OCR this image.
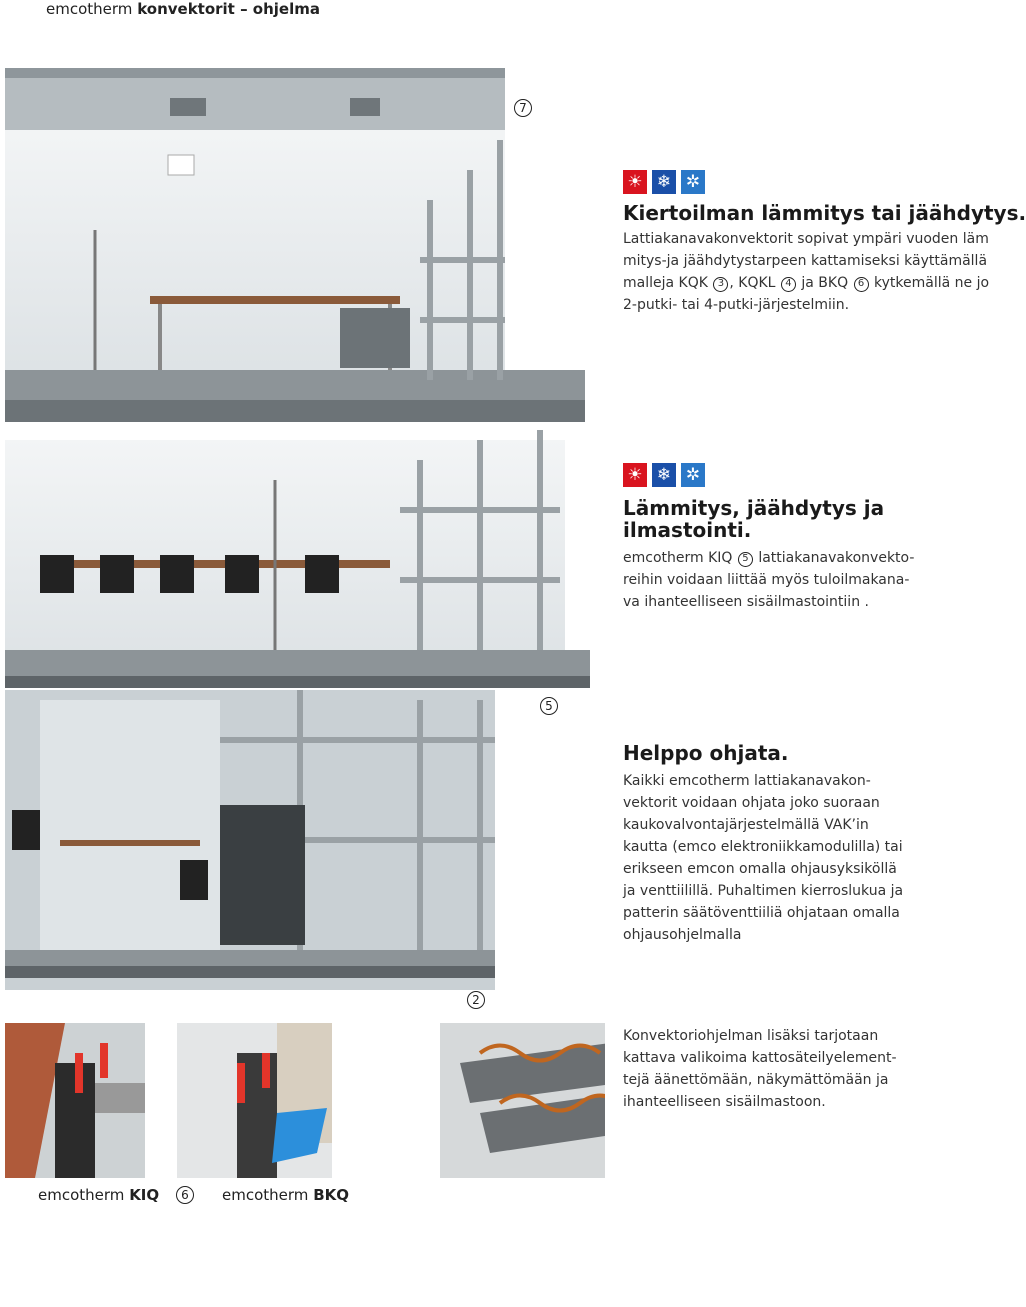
emcotherm konvektorit – ohjelma
7
☀ ❄ ✲
Kiertoilman lämmitys tai jäähdytys.
Lattiakanavakonvektorit sopivat ympäri vuoden läm
mitys-ja jäähdytystarpeen kattamiseksi käyttämällä
malleja KQK 3 , KQKL 4 ja BKQ 6 kytkemällä ne jo
2-putki- tai 4-putki-järjestelmiin.
☀ ❄ ✲
Lämmitys, jäähdytys ja
ilmastointi.
emcotherm KIQ 5 lattiakanavakonvekto-
reihin voidaan liittää myös tuloilmakana-
va ihanteelliseen sisäilmastointiin .
5
Helppo ohjata.
Kaikki emcotherm lattiakanavakon-
vektorit voidaan ohjata joko suoraan
kaukovalvontajärjestelmällä VAK’in
kautta (emco elektroniikkamodulilla) tai
erikseen emcon omalla ohjausyksiköllä
ja venttiilillä. Puhaltimen kierroslukua ja
patterin säätöventtiiliä ohjataan omalla
ohjausohjelmalla
2
Konvektoriohjelman lisäksi tarjotaan
kattava valikoima kattosäteilyelement-
tejä äänettömään, näkymättömään ja
ihanteelliseen sisäilmastoon.
emcotherm KIQ	6	emcotherm BKQ
